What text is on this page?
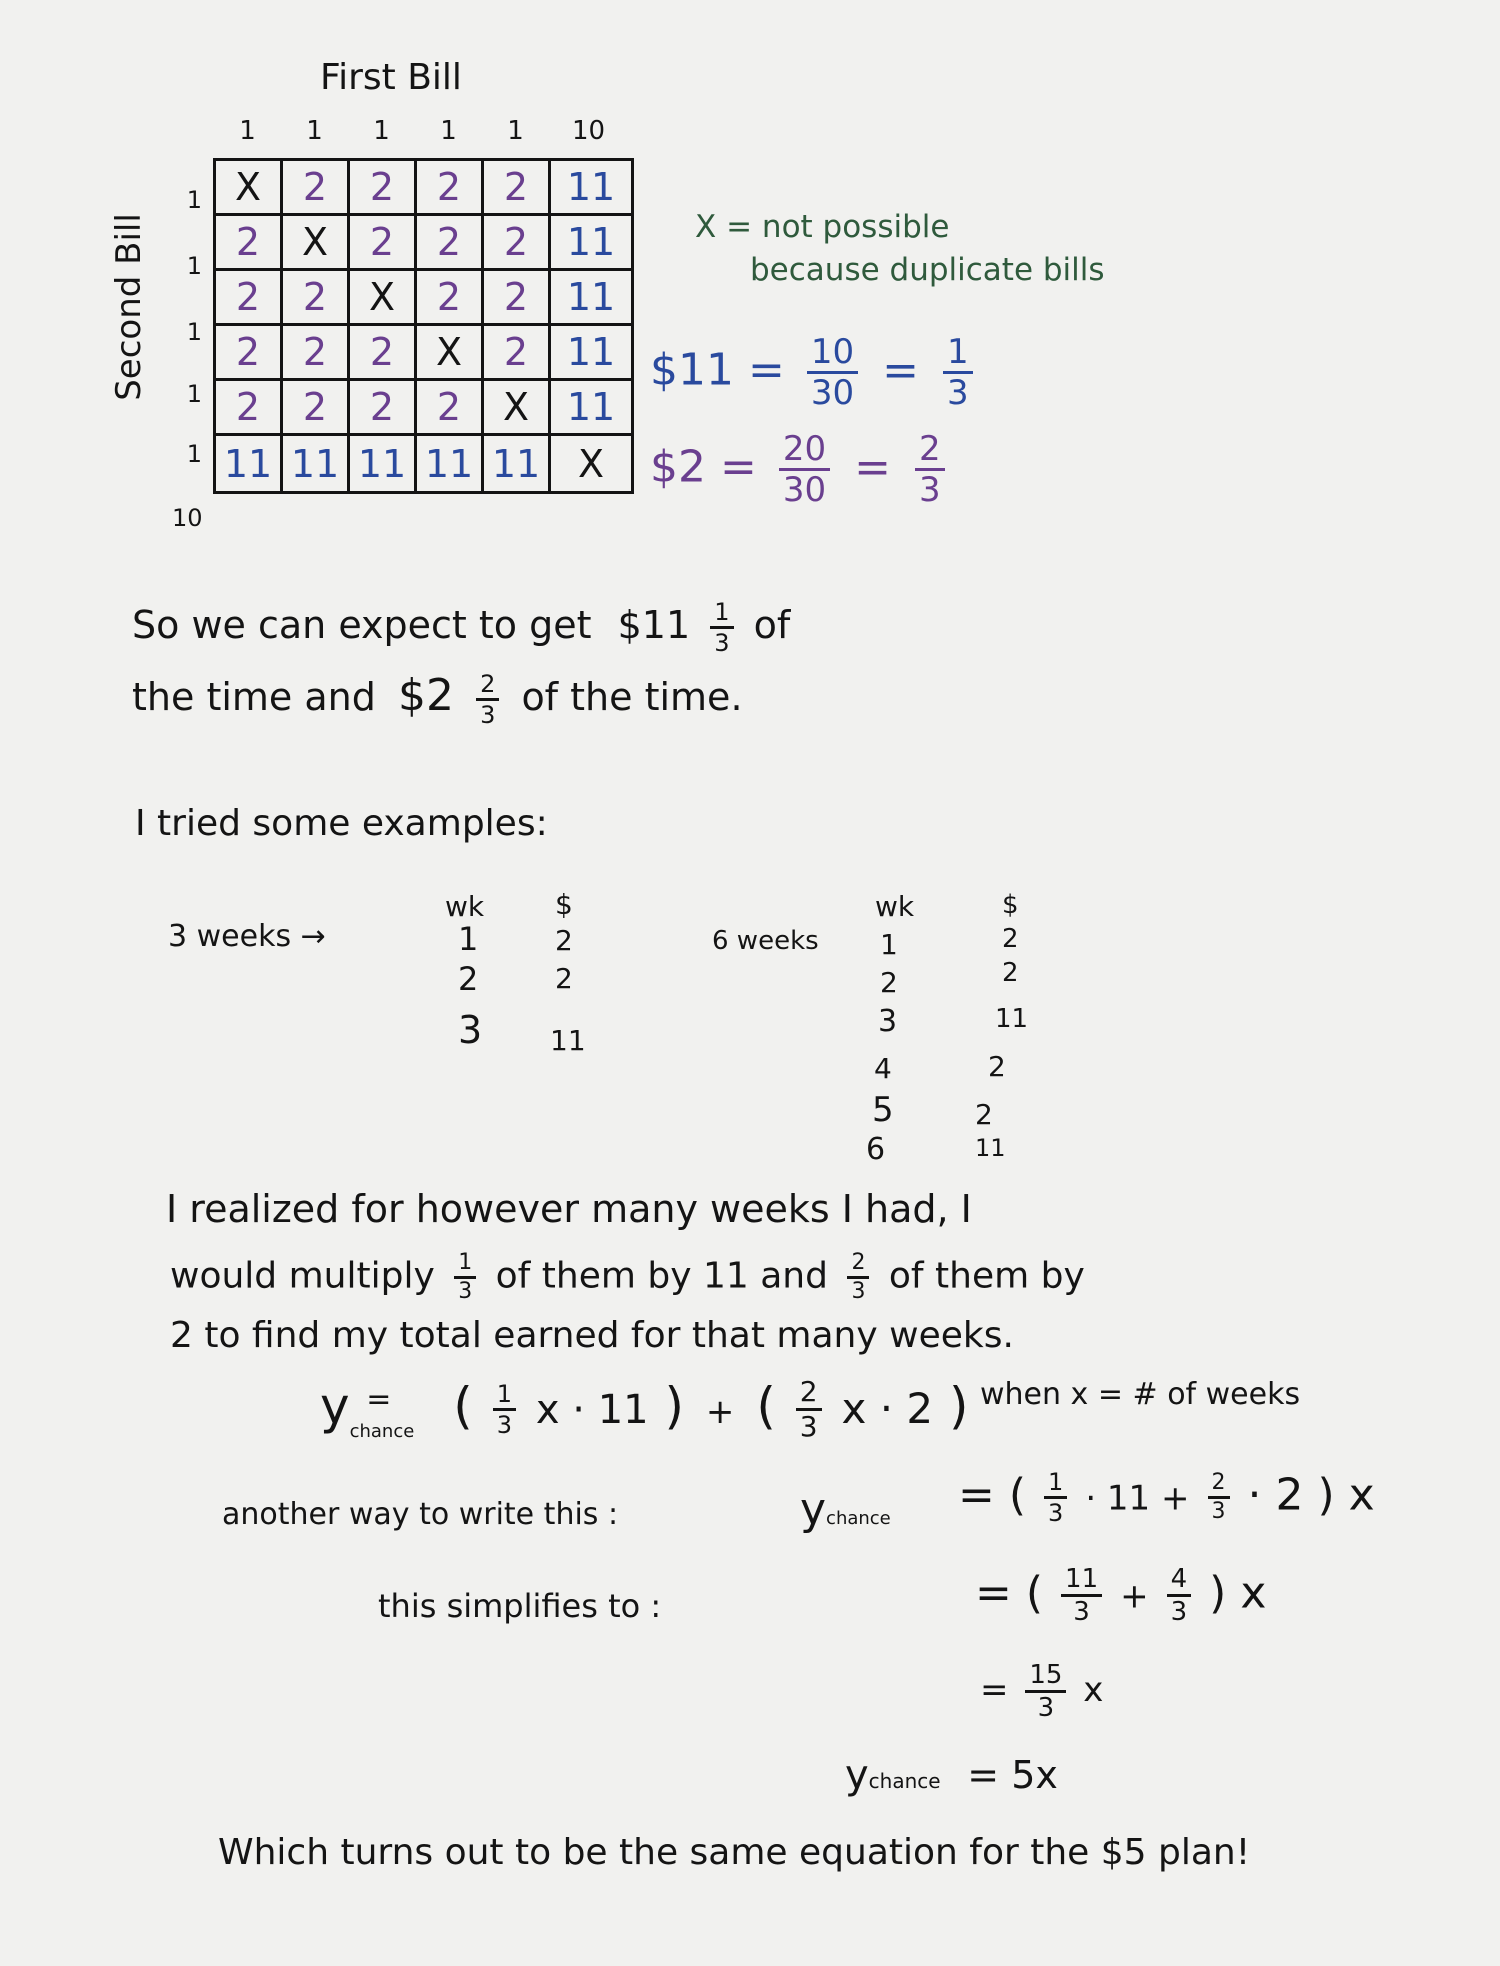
First Bill
Second Bill
1	1	1	1	1	10
1
1
1
1
1
10
X	2	2	2	2	11
2	X	2	2	2	11
2	2	X	2	2	11
2	2	2	X	2	11
2	2	2	2	X 11
11 11 11 11 11 X
X = not possible
because duplicate bills
$11 = $\frac{10}{30} = \frac{1}{3}$
$2 = $\frac{20}{30} = \frac{2}{3}$
So we can expect to get $11 $\frac{1}{3}$ of
the time and $2 $\frac{2}{3}$ of the time.
I tried some examples:
3 weeks →
wk	$
1	2
2	2
3 11
6 weeks
wk	$
1	2
2	2
3	11
4	2
5	2
6	11
I realized for however many weeks I had, I
would multiply $\frac{1}{3}$ of them by 11 and $\frac{2}{3}$ of them by
2 to find my total earned for that many weeks.
$y_{chance}$ = ( $\frac{1}{3}$ x · 11 ) + ( $\frac{2}{3}$ x · 2 ) when x = # of weeks
another way to write this :	ychance = ( $\frac{1}{3} \cdot 11 + \frac{2}{3} \cdot 2$ ) x
this simplifies to :	= ( $\frac{11}{3} + \frac{4}{3}$ ) x
= $\frac{15}{3}$ x
ychance = 5x
Which turns out to be the same equation for the $5 plan!
